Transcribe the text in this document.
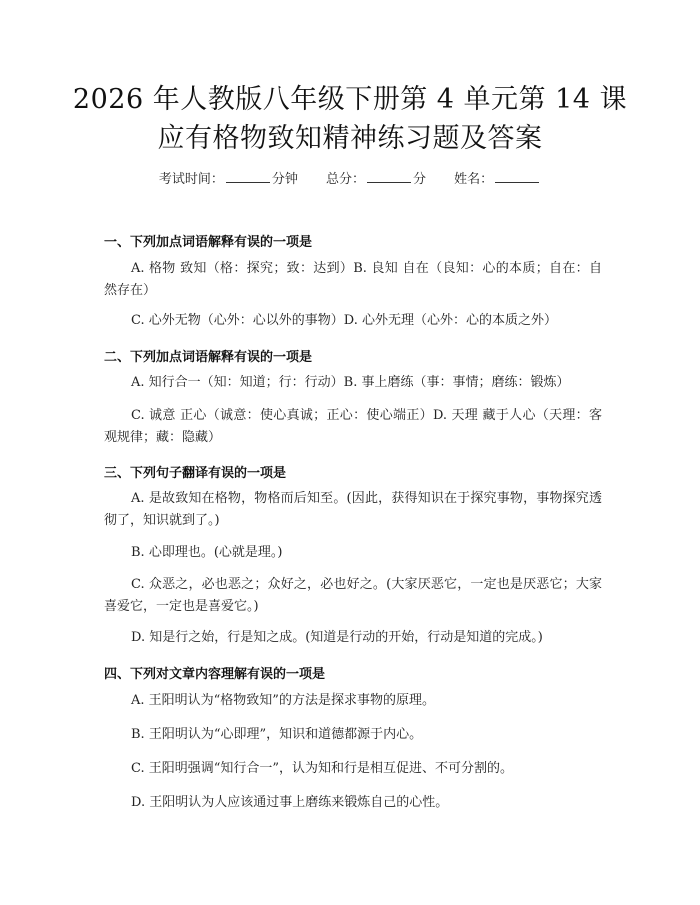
2026 年人教版八年级下册第 4 单元第 14 课
应有格物致知精神练习题及答案
考试时间：	分钟 总分：	分 姓名：
一、下列加点词语解释有误的一项是
A. 格物 致知（格：探究；致：达到）B. 良知 自在（良知：心的本质；自在：自然存在）
C. 心外无物（心外：心以外的事物）D. 心外无理（心外：心的本质之外）
二、下列加点词语解释有误的一项是
A. 知行合一（知：知道；行：行动）B. 事上磨练（事：事情；磨练：锻炼）
C. 诚意 正心（诚意：使心真诚；正心：使心端正）D. 天理 藏于人心（天理：客观规律；藏：隐藏）
三、下列句子翻译有误的一项是
A. 是故致知在格物，物格而后知至。(因此，获得知识在于探究事物，事物探究透彻了，知识就到了。)
B. 心即理也。(心就是理。)
C. 众恶之，必也恶之；众好之，必也好之。(大家厌恶它，一定也是厌恶它；大家喜爱它，一定也是喜爱它。)
D. 知是行之始，行是知之成。(知道是行动的开始，行动是知道的完成。)
四、下列对文章内容理解有误的一项是
A. 王阳明认为“格物致知”的方法是探求事物的原理。
B. 王阳明认为“心即理”，知识和道德都源于内心。
C. 王阳明强调“知行合一”，认为知和行是相互促进、不可分割的。
D. 王阳明认为人应该通过事上磨练来锻炼自己的心性。
